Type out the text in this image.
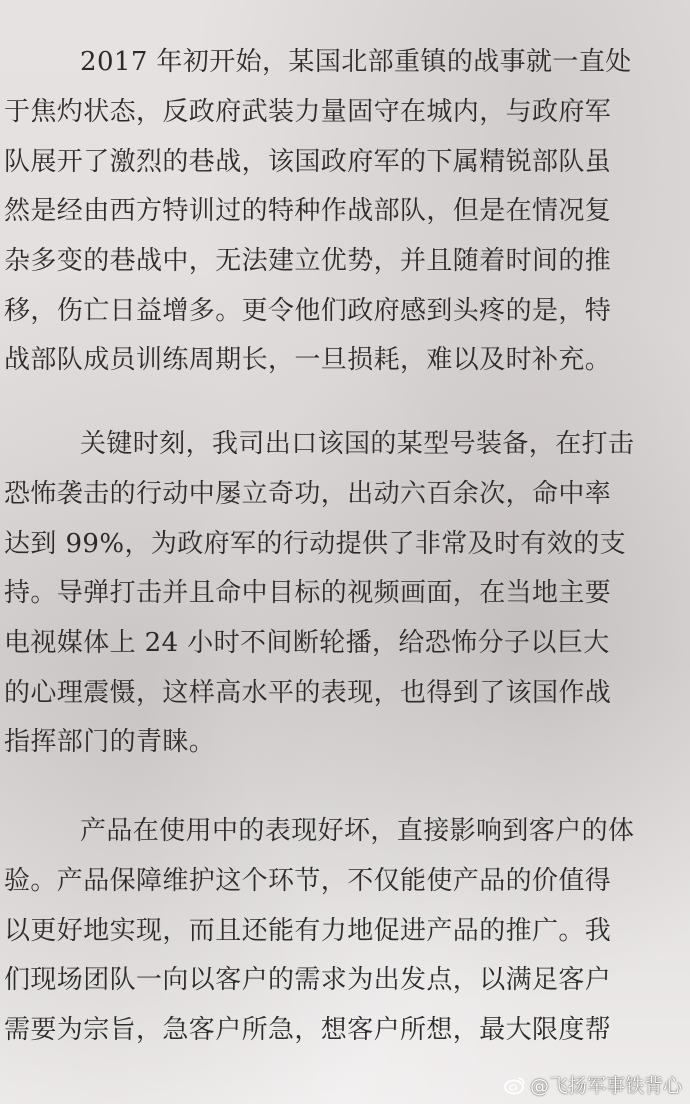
2017 年初开始，某国北部重镇的战事就一直处
于焦灼状态，反政府武装力量固守在城内，与政府军
队展开了激烈的巷战，该国政府军的下属精锐部队虽
然是经由西方特训过的特种作战部队，但是在情况复
杂多变的巷战中，无法建立优势，并且随着时间的推
移，伤亡日益增多。更令他们政府感到头疼的是，特
战部队成员训练周期长，一旦损耗，难以及时补充。
关键时刻，我司出口该国的某型号装备，在打击
恐怖袭击的行动中屡立奇功，出动六百余次，命中率
达到 99%，为政府军的行动提供了非常及时有效的支
持。导弹打击并且命中目标的视频画面，在当地主要
电视媒体上 24 小时不间断轮播，给恐怖分子以巨大
的心理震慑，这样高水平的表现，也得到了该国作战
指挥部门的青睐。
产品在使用中的表现好坏，直接影响到客户的体
验。产品保障维护这个环节，不仅能使产品的价值得
以更好地实现，而且还能有力地促进产品的推广。我
们现场团队一向以客户的需求为出发点，以满足客户
需要为宗旨，急客户所急，想客户所想，最大限度帮
@飞扬军事铁背心
